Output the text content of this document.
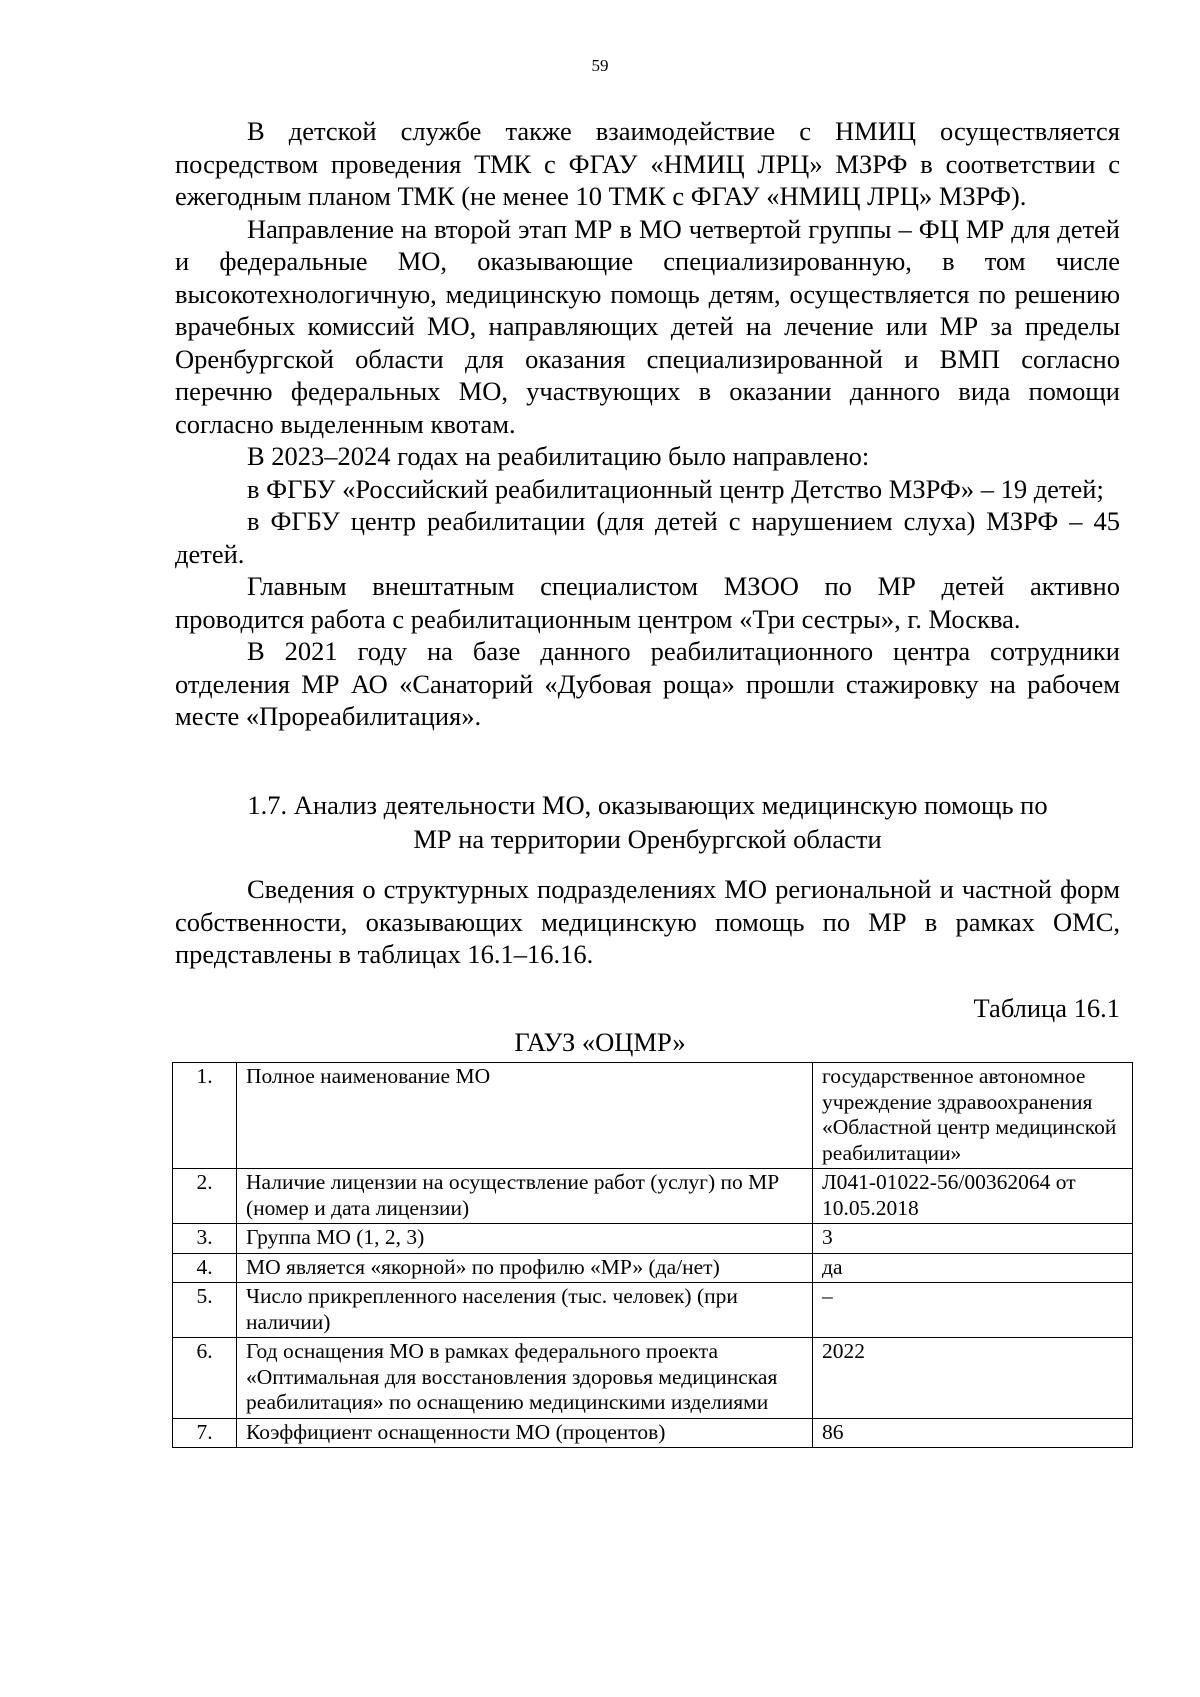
59

В детской службе также взаимодействие с НМИЦ осуществляется посредством проведения ТМК с ФГАУ «НМИЦ ЛРЦ» МЗРФ в соответствии с ежегодным планом ТМК (не менее 10 ТМК с ФГАУ «НМИЦ ЛРЦ» МЗРФ).

Направление на второй этап МР в МО четвертой группы – ФЦ МР для детей и федеральные МО, оказывающие специализированную, в том числе высокотехнологичную, медицинскую помощь детям, осуществляется по решению врачебных комиссий МО, направляющих детей на лечение или МР за пределы Оренбургской области для оказания специализированной и ВМП согласно перечню федеральных МО, участвующих в оказании данного вида помощи согласно выделенным квотам.

В 2023–2024 годах на реабилитацию было направлено:

в ФГБУ «Российский реабилитационный центр Детство МЗРФ» – 19 детей;

в ФГБУ центр реабилитации (для детей с нарушением слуха) МЗРФ – 45 детей.

Главным внештатным специалистом МЗОО по МР детей активно проводится работа с реабилитационным центром «Три сестры», г. Москва.

В 2021 году на базе данного реабилитационного центра сотрудники отделения МР АО «Санаторий «Дубовая роща» прошли стажировку на рабочем месте «Прореабилитация».

1.7. Анализ деятельности МО, оказывающих медицинскую помощь по
МР на территории Оренбургской области

Сведения о структурных подразделениях МО региональной и частной форм собственности, оказывающих медицинскую помощь по МР в рамках ОМС, представлены в таблицах 16.1–16.16.

Таблица 16.1
ГАУЗ «ОЦМР»
1.	Полное наименование МО	государственное автономное учреждение здравоохранения «Областной центр медицинской реабилитации»
2.	Наличие лицензии на осуществление работ (услуг) по МР (номер и дата лицензии)	Л041-01022-56/00362064 от 10.05.2018
3.	Группа МО (1, 2, 3)	3
4.	МО является «якорной» по профилю «МР» (да/нет)	да
5.	Число прикрепленного населения (тыс. человек) (при наличии)	–
6.	Год оснащения МО в рамках федерального проекта «Оптимальная для восстановления здоровья медицинская реабилитация» по оснащению медицинскими изделиями	2022
7.	Коэффициент оснащенности МО (процентов)	86
